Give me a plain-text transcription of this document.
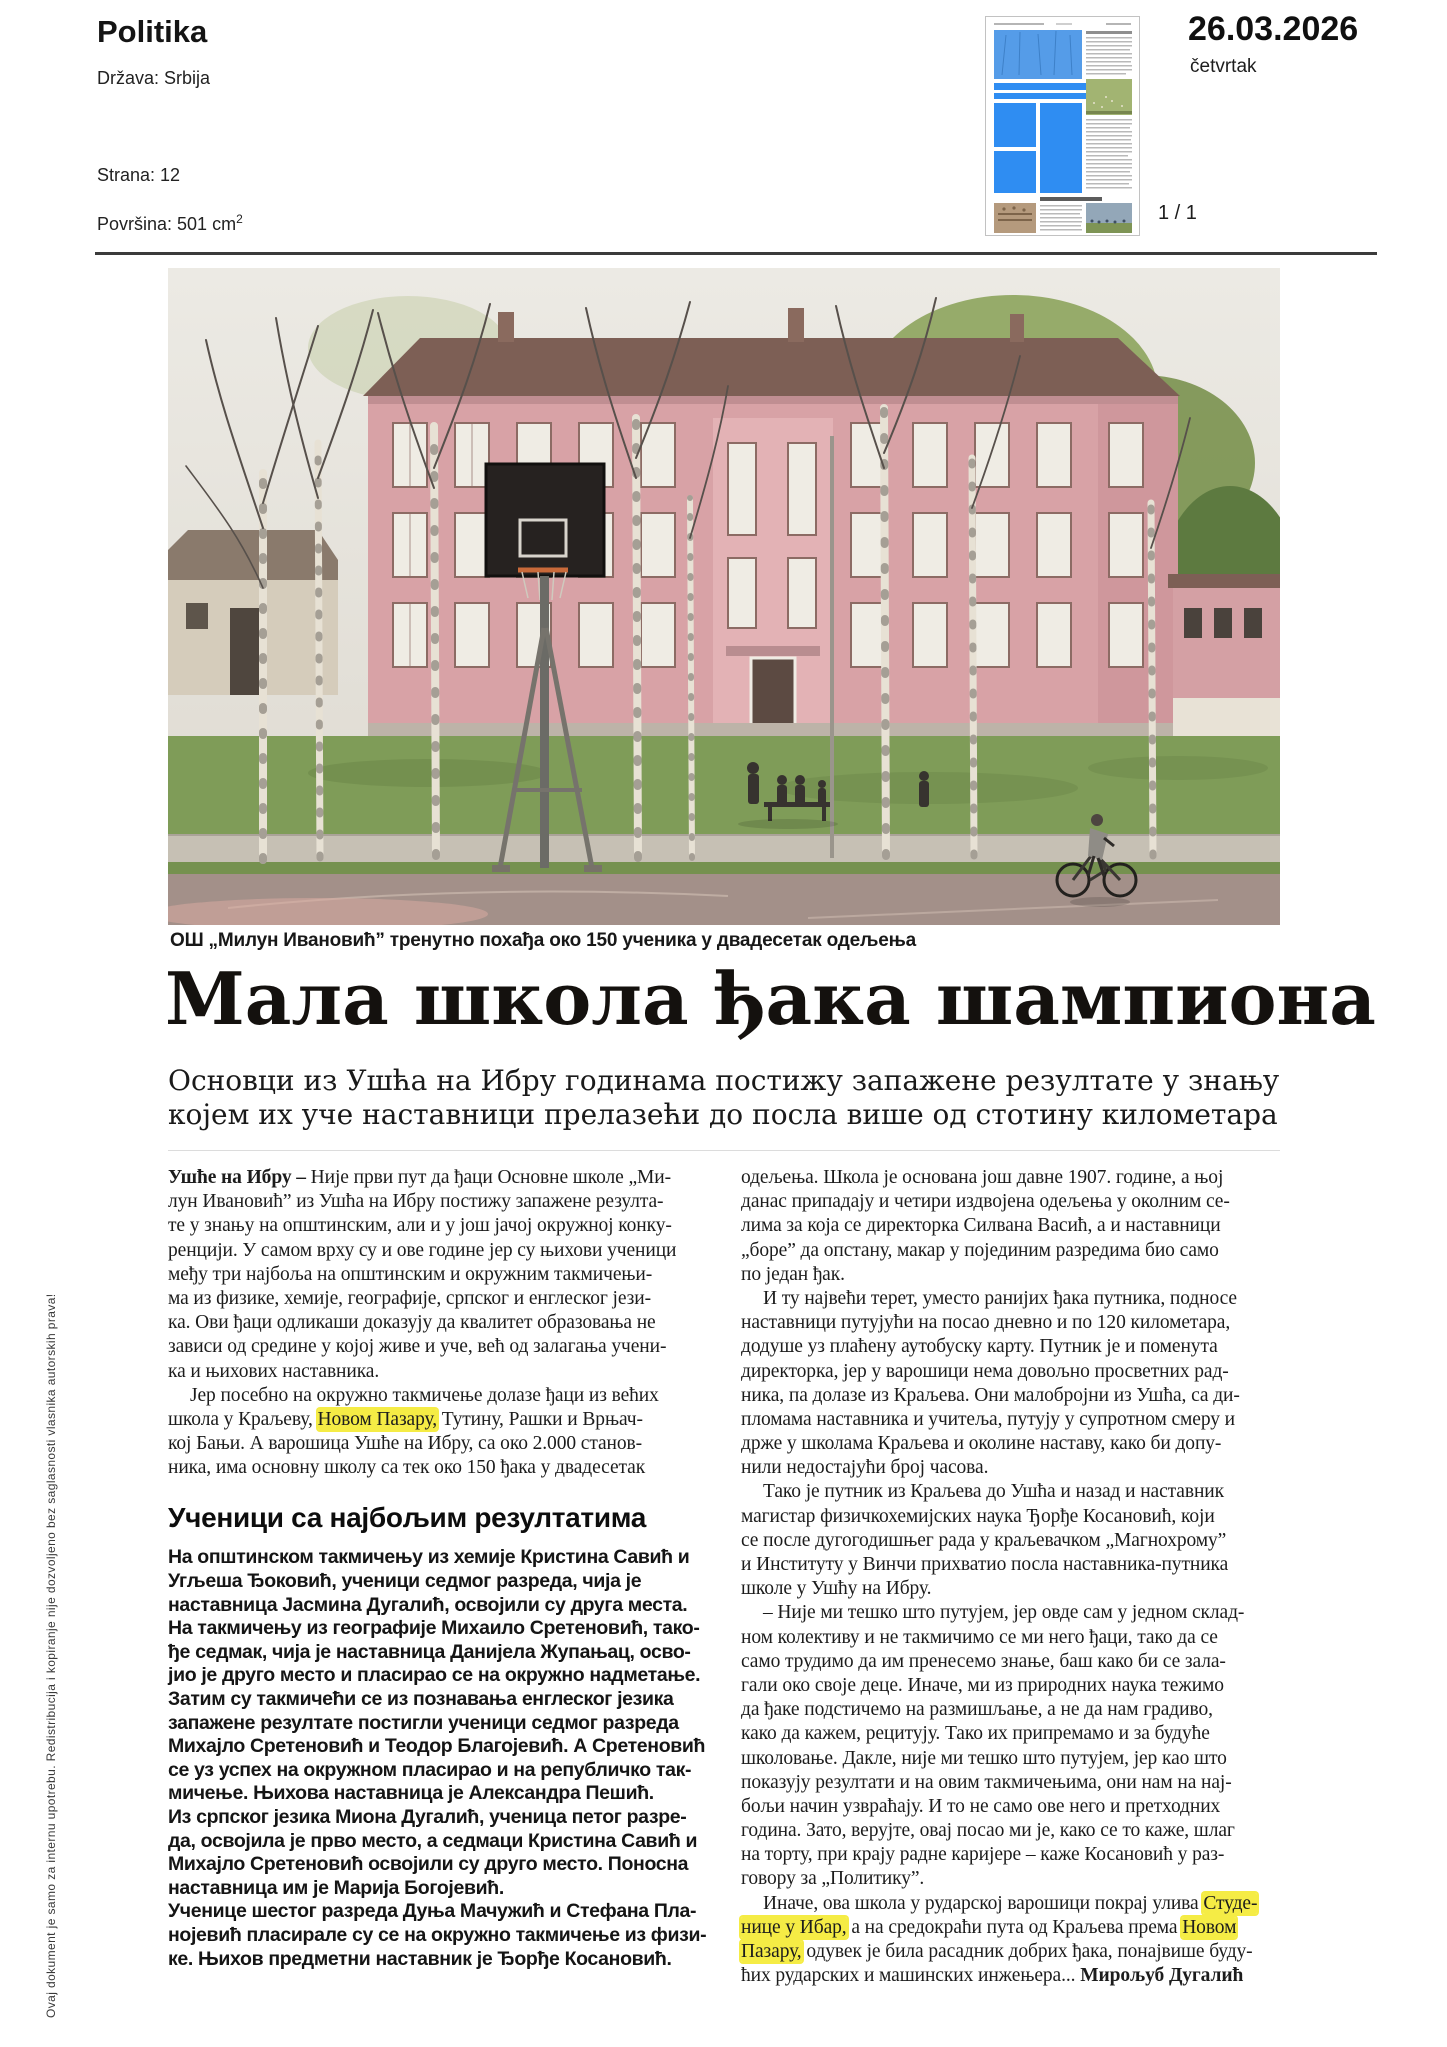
Politika
Država: Srbija
Strana: 12
Površina: 501 $cm^2$
26.03.2026
četvrtak
1 / 1
ОШ „Милун Ивановић” тренутно похађа око 150 ученика у двадесетак одељења
Мала школа ђака шампиона
Основци из Ушћа на Ибру годинама постижу запажене резултате у знању
којем их уче наставници прелазећи до посла више од стотину километара
Ушће на Ибру – Није први пут да ђаци Основне школе „Ми-
лун Ивановић” из Ушћа на Ибру постижу запажене резулта-
те у знању на општинским, али и у још јачој окружној конку-
ренцији. У самом врху су и ове године јер су њихови ученици
међу три најбоља на општинским и окружним такмичењи-
ма из физике, хемије, географије, српског и енглеског јези-
ка. Ови ђаци одликаши доказују да квалитет образовања не
зависи од средине у којој живе и уче, већ од залагања учени-
ка и њихових наставника.
Јер посебно на окружно такмичење долазе ђаци из већих
школа у Краљеву, Новом Пазару, Тутину, Рашки и Врњач-
кој Бањи. А варошица Ушће на Ибру, са око 2.000 станов-
ника, има основну школу са тек око 150 ђака у двадесетак
Ученици са најбољим резултатима
На општинском такмичењу из хемије Кристина Савић и
Угљеша Ђоковић, ученици седмог разреда, чија је
наставница Јасмина Дугалић, освојили су друга места.
На такмичењу из географије Михаило Сретеновић, тако-
ђе седмак, чија је наставница Данијела Жупањац, осво-
јио је друго место и пласирао се на окружно надметање.
Затим су такмичећи се из познавања енглеског језика
запажене резултате постигли ученици седмог разреда
Михајло Сретеновић и Теодор Благојевић. А Сретеновић
се уз успех на окружном пласирао и на републичко так-
мичење. Њихова наставница је Александра Пешић.
Из српског језика Миона Дугалић, ученица петог разре-
да, освојила је прво место, а седмаци Кристина Савић и
Михајло Сретеновић освојили су друго место. Поносна
наставница им је Марија Богојевић.
Ученице шестог разреда Дуња Мачужић и Стефана Пла-
нојевић пласирале су се на окружно такмичење из физи-
ке. Њихов предметни наставник је Ђорђе Косановић.
одељења. Школа је основана још давне 1907. године, а њој
данас припадају и четири издвојена одељења у околним се-
лима за која се директорка Силвана Васић, а и наставници
„боре” да опстану, макар у појединим разредима био само
по један ђак.
И ту највећи терет, уместо ранијих ђака путника, подносе
наставници путујући на посао дневно и по 120 километара,
додуше уз плаћену аутобуску карту. Путник је и поменута
директорка, јер у варошици нема довољно просветних рад-
ника, па долазе из Краљева. Они малобројни из Ушћа, са ди-
пломама наставника и учитеља, путују у супротном смеру и
држе у школама Краљева и околине наставу, како би допу-
нили недостајући број часова.
Тако је путник из Краљева до Ушћа и назад и наставник
магистар физичкохемијских наука Ђорђе Косановић, који
се после дугогодишњег рада у краљевачком „Магнохрому”
и Институту у Винчи прихватио посла наставника-путника
школе у Ушћу на Ибру.
– Није ми тешко што путујем, јер овде сам у једном склад-
ном колективу и не такмичимо се ми него ђаци, тако да се
само трудимо да им пренесемо знање, баш како би се зала-
гали око своје деце. Иначе, ми из природних наука тежимо
да ђаке подстичемо на размишљање, а не да нам градиво,
како да кажем, рецитују. Тако их припремамо и за будуће
школовање. Дакле, није ми тешко што путујем, јер као што
показују резултати и на овим такмичењима, они нам на нај-
бољи начин узвраћају. И то не само ове него и претходних
година. Зато, верујте, овај посао ми је, како се то каже, шлаг
на торту, при крају радне каријере – каже Косановић у раз-
говору за „Политику”.
Иначе, ова школа у рударској варошици покрај улива Студе-
нице у Ибар, а на средокраћи пута од Краљева према Новом
Пазару, одувек је била расадник добрих ђака, понајвише буду-
ћих рударских и машинских инжењера... Мирољуб Дугалић
Ovaj dokument je samo za internu upotrebu. Redistribucija i kopiranje nije dozvoljeno bez saglasnosti vlasnika autorskih prava!
